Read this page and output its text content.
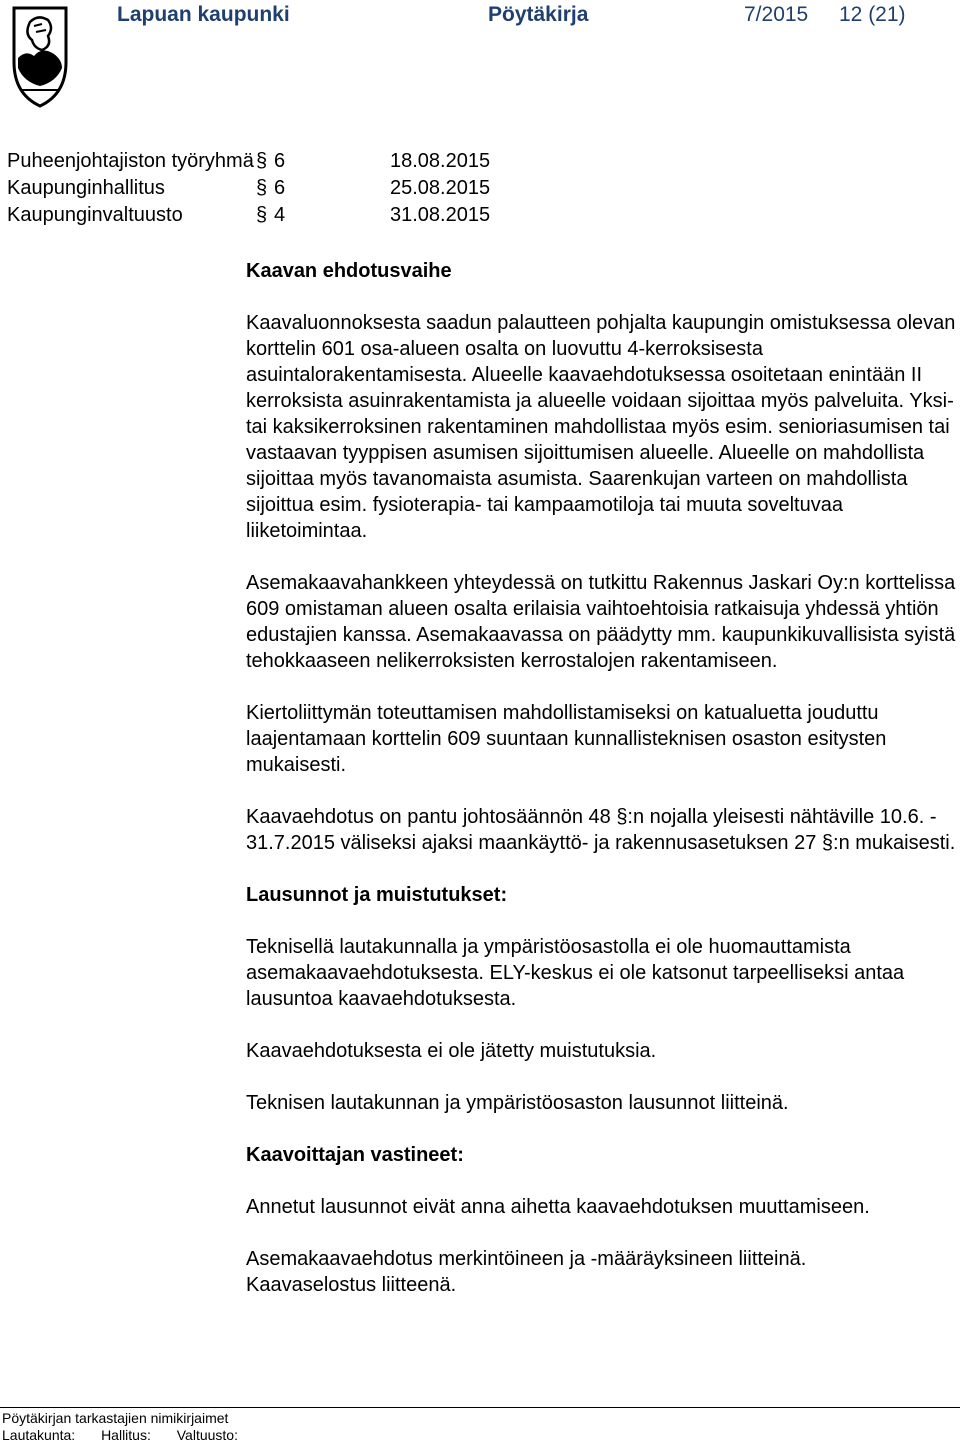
Lapuan kaupunki	Pöytäkirja	7/2015 12 (21)
Puheenjohtajiston työryhmä § 6	18.08.2015
Kaupunginhallitus	§ 6	25.08.2015
Kaupunginvaltuusto	§ 4	31.08.2015
Kaavan ehdotusvaihe

Kaavaluonnoksesta saadun palautteen pohjalta kaupungin omistuksessa olevan korttelin 601 osa-alueen osalta on luovuttu 4-kerroksisesta asuintalorakentamisesta. Alueelle kaavaehdotuksessa osoitetaan enintään II kerroksista asuinrakentamista ja alueelle voidaan sijoittaa myös palveluita. Yksi- tai kaksikerroksinen rakentaminen mahdollistaa myös esim. senioriasumisen tai vastaavan tyyppisen asumisen sijoittumisen alueelle. Alueelle on mahdollista sijoittaa myös tavanomaista asumista. Saarenkujan varteen on mahdollista sijoittua esim. fysioterapia- tai kampaamotiloja tai muuta soveltuvaa liiketoimintaa.

Asemakaavahankkeen yhteydessä on tutkittu Rakennus Jaskari Oy:n korttelissa 609 omistaman alueen osalta erilaisia vaihtoehtoisia ratkaisuja yhdessä yhtiön edustajien kanssa. Asemakaavassa on päädytty mm. kaupunkikuvallisista syistä tehokkaaseen nelikerroksisten kerrostalojen rakentamiseen.

Kiertoliittymän toteuttamisen mahdollistamiseksi on katualuetta jouduttu laajentamaan korttelin 609 suuntaan kunnallisteknisen osaston esitysten mukaisesti.

Kaavaehdotus on pantu johtosäännön 48 §:n nojalla yleisesti nähtäville 10.6. - 31.7.2015 väliseksi ajaksi maankäyttö- ja rakennusasetuksen 27 §:n mukaisesti.

Lausunnot ja muistutukset:

Teknisellä lautakunnalla ja ympäristöosastolla ei ole huomauttamista asemakaavaehdotuksesta. ELY-keskus ei ole katsonut tarpeelliseksi antaa lausuntoa kaavaehdotuksesta.

Kaavaehdotuksesta ei ole jätetty muistutuksia.

Teknisen lautakunnan ja ympäristöosaston lausunnot liitteinä.

Kaavoittajan vastineet:

Annetut lausunnot eivät anna aihetta kaavaehdotuksen muuttamiseen.

Asemakaavaehdotus merkintöineen ja -määräyksineen liitteinä.

Kaavaselostus liitteenä.

Pöytäkirjan tarkastajien nimikirjaimet
Lautakunta: Hallitus: Valtuusto:
